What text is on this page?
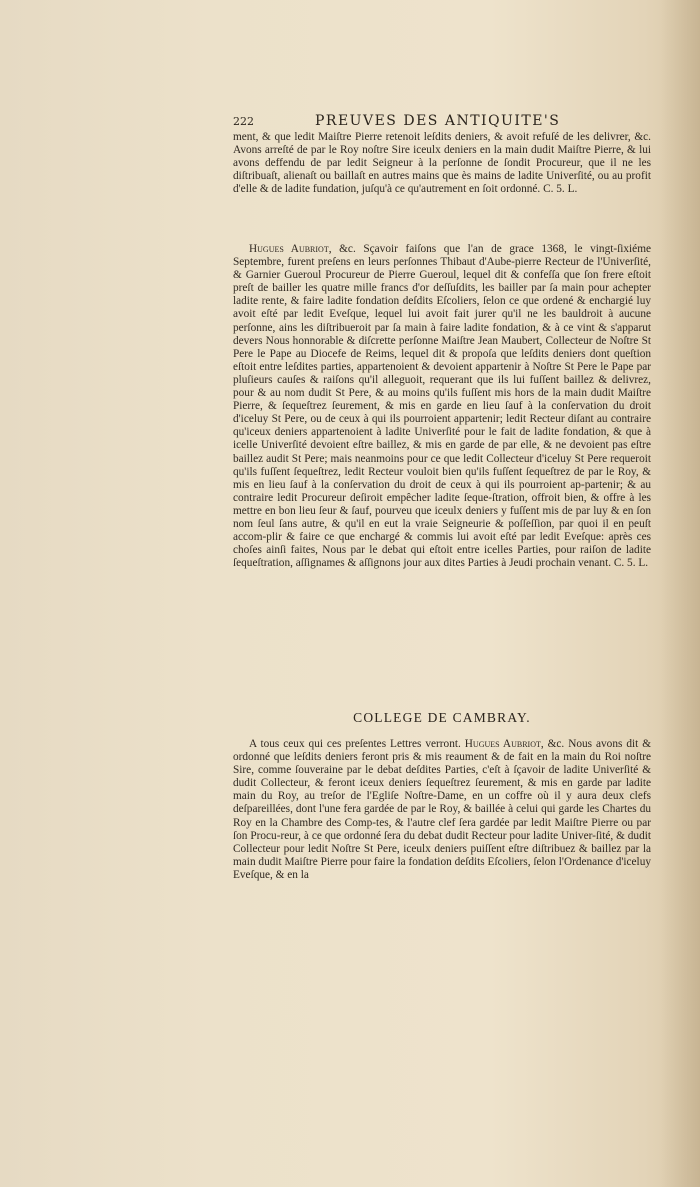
222	PREUVES DES ANTIQUITE'S

ment, & que ledit Maiſtre Pierre retenoit leſdits deniers, & avoit refuſé de les delivrer, &c. Avons arreſté de par le Roy noſtre Sire iceulx deniers en la main dudit Maiſtre Pierre, & lui avons deffendu de par ledit Seigneur à la perſonne de ſondit Procureur, que il ne les diſtribuaſt, alienaſt ou baillaſt en autres mains que ès mains de ladite Univerſité, ou au profit d'elle & de ladite fundation, juſqu'à ce qu'autrement en ſoit ordonné. C. 5. L.

Hugues Aubriot, &c. Sçavoir faiſons que l'an de grace 1368, le vingt-ſixiéme Septembre, furent preſens en leurs perſonnes Thibaut d'Aube-pierre Recteur de l'Univerſité, & Garnier Gueroul Procureur de Pierre Gueroul, lequel dit & confeſſa que ſon frere eſtoit preſt de bailler les quatre mille francs d'or deſſuſdits, les bailler par ſa main pour achepter ladite rente, & faire ladite fondation deſdits Eſcoliers, ſelon ce que ordené & enchargié luy avoit eſté par ledit Eveſque, lequel lui avoit fait jurer qu'il ne les bauldroit à aucune perſonne, ains les diſtribueroit par ſa main à faire ladite fondation, & à ce vint & s'apparut devers Nous honnorable & diſcrette perſonne Maiſtre Jean Maubert, Collecteur de Noſtre St Pere le Pape au Diocefe de Reims, lequel dit & propoſa que leſdits deniers dont queſtion eſtoit entre leſdites parties, appartenoient & devoient appartenir à Noſtre St Pere le Pape par pluſieurs cauſes & raiſons qu'il alleguoit, requerant que ils lui fuſſent baillez & delivrez, pour & au nom dudit St Pere, & au moins qu'ils fuſſent mis hors de la main dudit Maiſtre Pierre, & ſequeſtrez ſeurement, & mis en garde en lieu ſauf à la conſervation du droit d'iceluy St Pere, ou de ceux à qui ils pourroient appartenir; ledit Recteur diſant au contraire qu'iceux deniers appartenoient à ladite Univerſité pour le fait de ladite fondation, & que à icelle Univerſité devoient eſtre baillez, & mis en garde de par elle, & ne devoient pas eſtre baillez audit St Pere; mais neanmoins pour ce que ledit Collecteur d'iceluy St Pere requeroit qu'ils fuſſent ſequeſtrez, ledit Recteur vouloit bien qu'ils fuſſent ſequeſtrez de par le Roy, & mis en lieu ſauf à la conſervation du droit de ceux à qui ils pourroient ap-partenir; & au contraire ledit Procureur deſiroit empêcher ladite ſeque-ſtration, offroit bien, & offre à les mettre en bon lieu ſeur & ſauf, pourveu que iceulx deniers y fuſſent mis de par luy & en ſon nom ſeul ſans autre, & qu'il en eut la vraie Seigneurie & poſſeſſion, par quoi il en peuſt accom-plir & faire ce que enchargé & commis lui avoit eſté par ledit Eveſque: après ces choſes ainſi faites, Nous par le debat qui eſtoit entre icelles Parties, pour raiſon de ladite ſequeſtration, aſſignames & aſſignons jour aux dites Parties à Jeudi prochain venant. C. 5. L.

COLLEGE DE CAMBRAY.

A tous ceux qui ces preſentes Lettres verront. Hugues Aubriot, &c. Nous avons dit & ordonné que leſdits deniers feront pris & mis reaument & de fait en la main du Roi noſtre Sire, comme ſouveraine par le debat deſdites Parties, c'eſt à ſçavoir de ladite Univerſité & dudit Collecteur, & feront iceux deniers ſequeſtrez ſeurement, & mis en garde par ladite main du Roy, au treſor de l'Egliſe Noſtre-Dame, en un coffre où il y aura deux clefs deſpareillées, dont l'une fera gardée de par le Roy, & baillée à celui qui garde les Chartes du Roy en la Chambre des Comp-tes, & l'autre clef ſera gardée par ledit Maiſtre Pierre ou par ſon Procu-reur, à ce que ordonné ſera du debat dudit Recteur pour ladite Univer-ſité, & dudit Collecteur pour ledit Noſtre St Pere, iceulx deniers puiſſent eſtre diſtribuez & baillez par la main dudit Maiſtre Pierre pour faire la fondation deſdits Eſcoliers, ſelon l'Ordenance d'iceluy Eveſque, & en la
